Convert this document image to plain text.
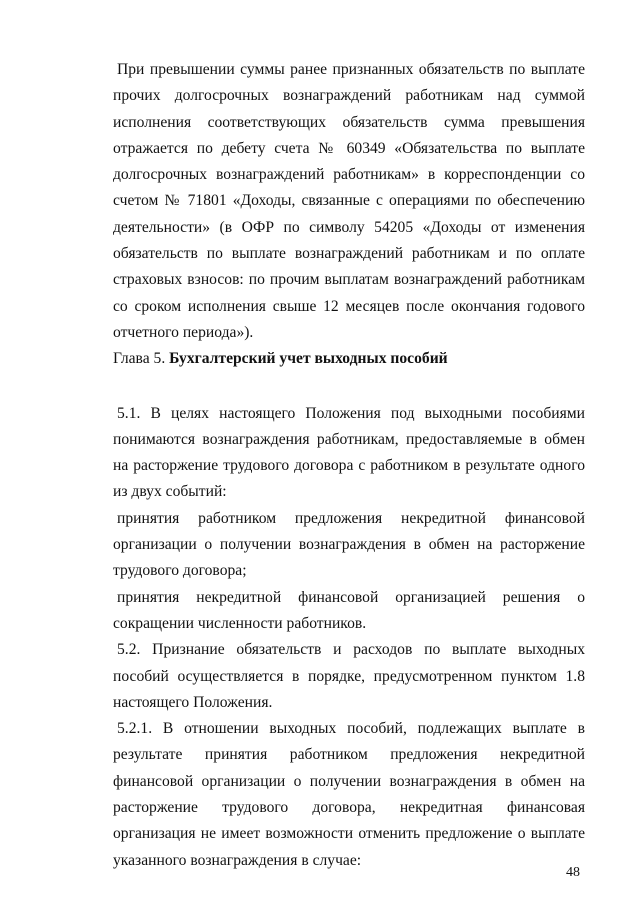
При превышении суммы ранее признанных обязательств по выплате прочих долгосрочных вознаграждений работникам над суммой исполнения соответствующих обязательств сумма превышения отражается по дебету счета № 60349 «Обязательства по выплате долгосрочных вознаграждений работникам» в корреспонденции со счетом № 71801 «Доходы, связанные с операциями по обеспечению деятельности» (в ОФР по символу 54205 «Доходы от изменения обязательств по выплате вознаграждений работникам и по оплате страховых взносов: по прочим выплатам вознаграждений работникам со сроком исполнения свыше 12 месяцев после окончания годового отчетного периода»).

Глава 5. Бухгалтерский учет выходных пособий

5.1. В целях настоящего Положения под выходными пособиями понимаются вознаграждения работникам, предоставляемые в обмен на расторжение трудового договора с работником в результате одного из двух событий:

принятия работником предложения некредитной финансовой организации о получении вознаграждения в обмен на расторжение трудового договора;

принятия некредитной финансовой организацией решения о сокращении численности работников.

5.2. Признание обязательств и расходов по выплате выходных пособий осуществляется в порядке, предусмотренном пунктом 1.8 настоящего Положения.

5.2.1. В отношении выходных пособий, подлежащих выплате в результате принятия работником предложения некредитной финансовой организации о получении вознаграждения в обмен на расторжение трудового договора, некредитная финансовая организация не имеет возможности отменить предложение о выплате указанного вознаграждения в случае:

48
